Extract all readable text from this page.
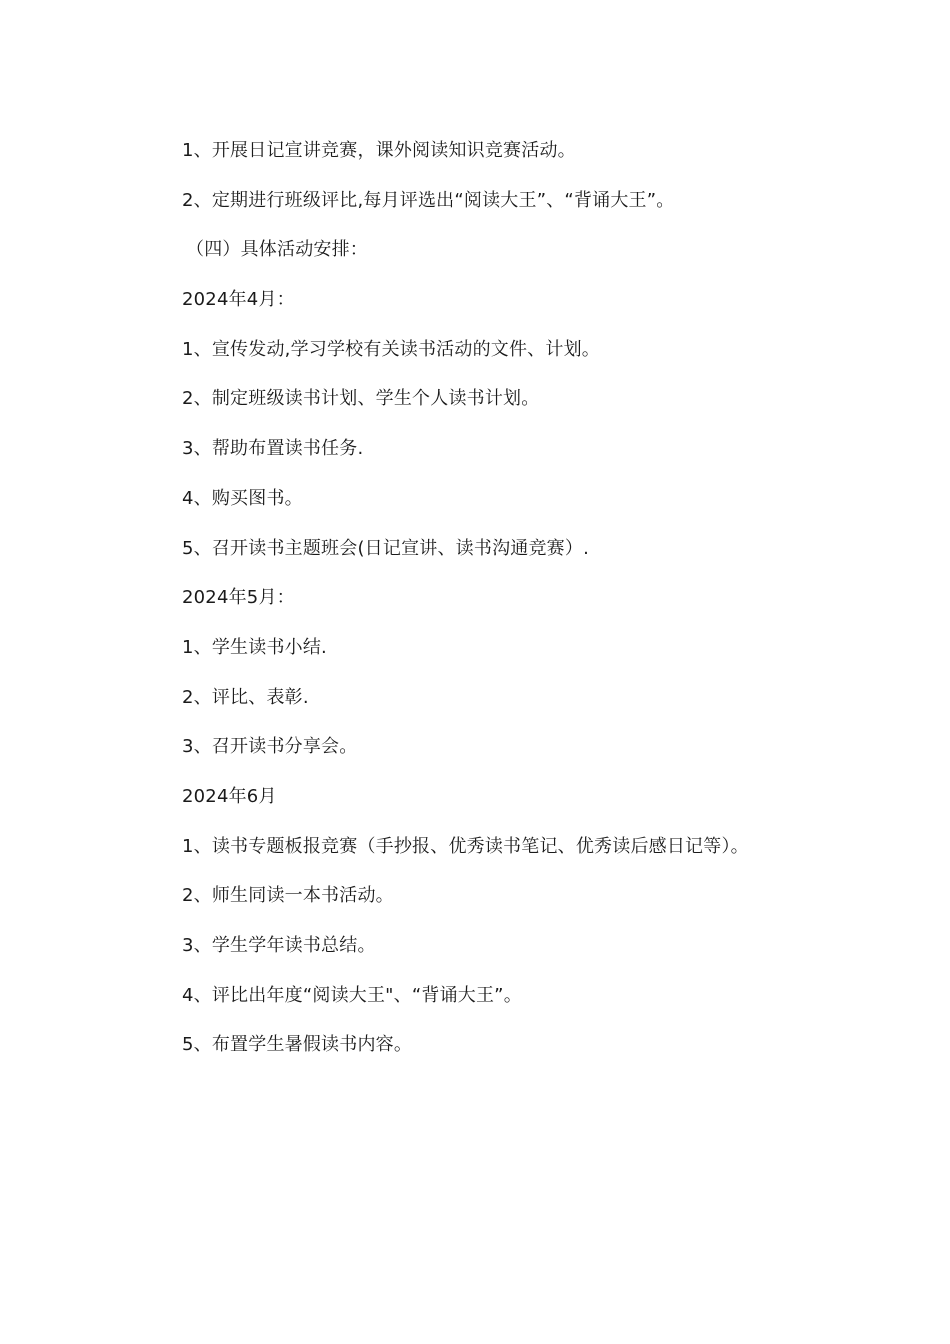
1、开展日记宣讲竞赛，课外阅读知识竞赛活动。
2、定期进行班级评比,每月评选出“阅读大王”、“背诵大王”。
（四）具体活动安排：
2024年4月：
1、宣传发动,学习学校有关读书活动的文件、计划。
2、制定班级读书计划、学生个人读书计划。
3、帮助布置读书任务.
4、购买图书。
5、召开读书主题班会(日记宣讲、读书沟通竞赛）.
2024年5月：
1、学生读书小结.
2、评比、表彰.
3、召开读书分享会。
2024年6月
1、读书专题板报竞赛（手抄报、优秀读书笔记、优秀读后感日记等）。
2、师生同读一本书活动。
3、学生学年读书总结。
4、评比出年度“阅读大王"、“背诵大王”。
5、布置学生暑假读书内容。
